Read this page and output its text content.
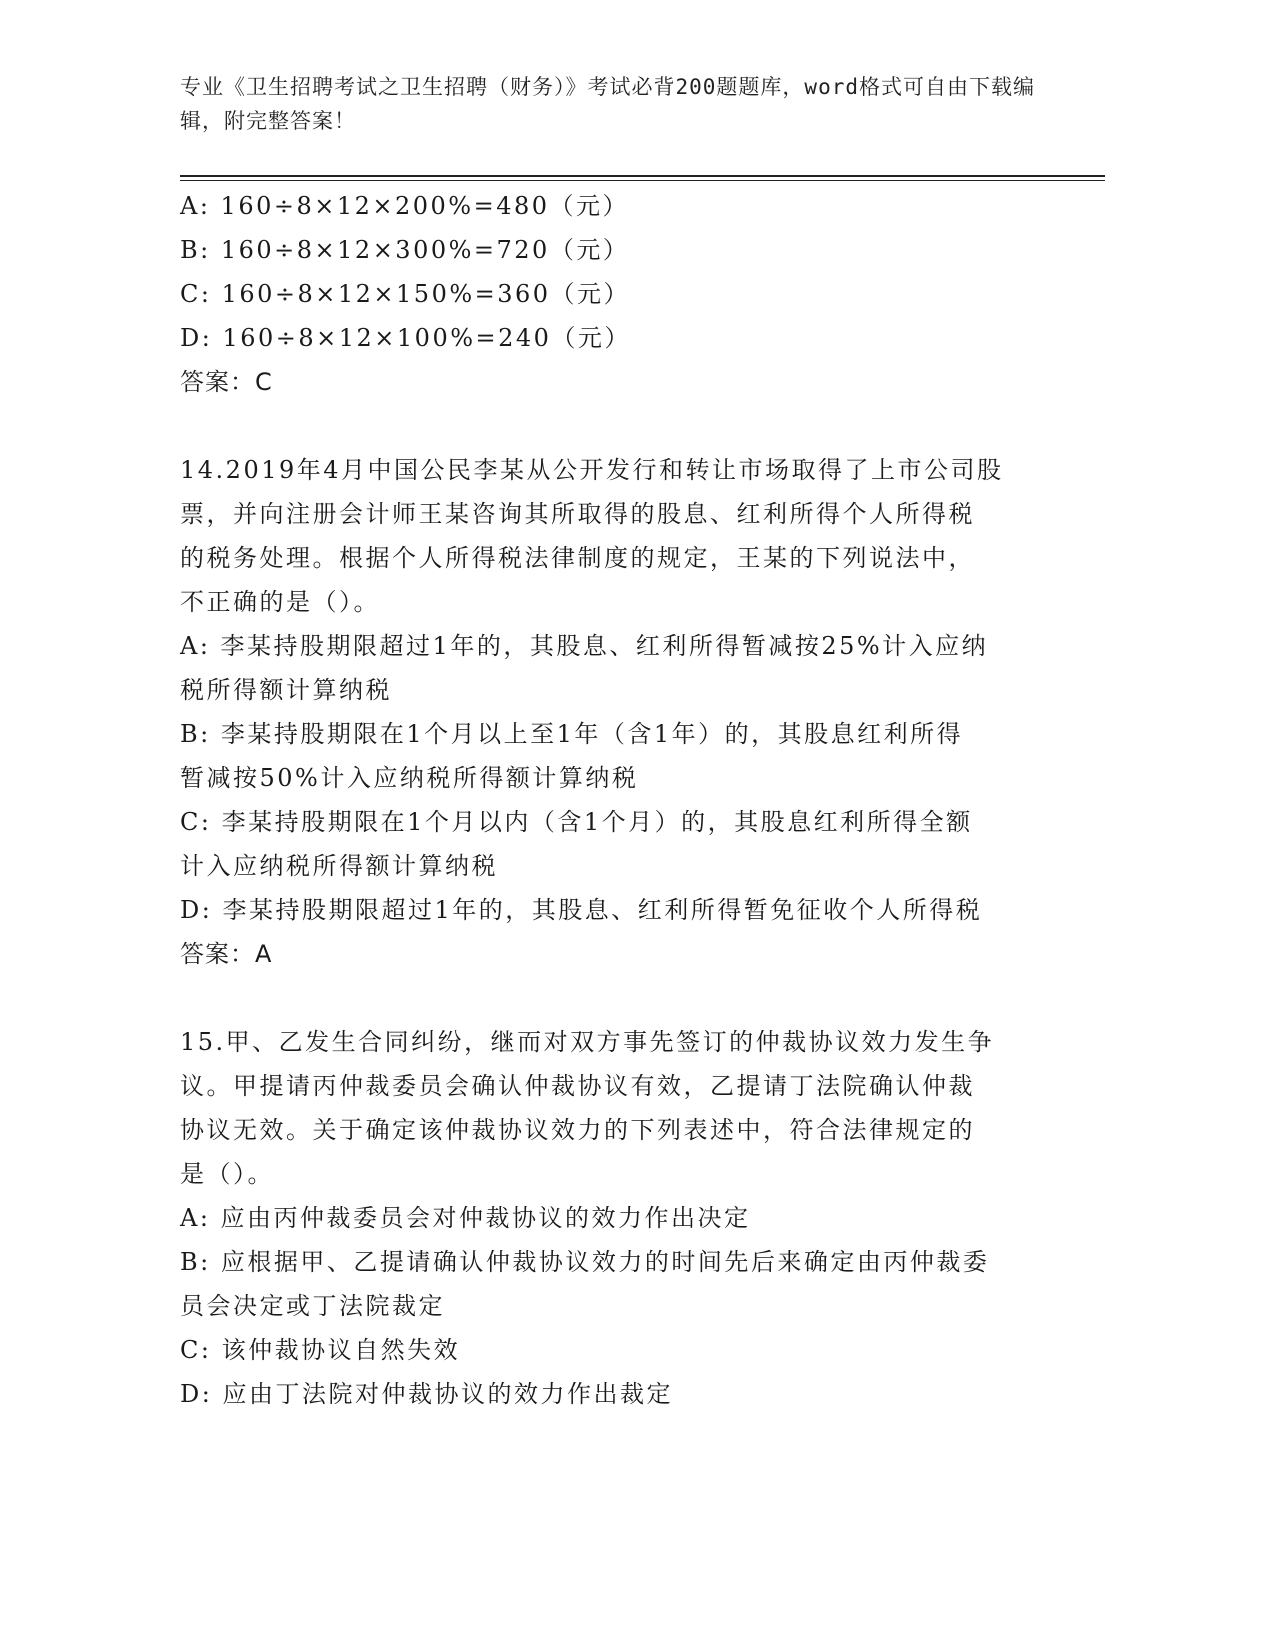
专业《卫生招聘考试之卫生招聘（财务）》考试必背200题题库，word格式可自由下载编辑，附完整答案！

A: 160÷8×12×200%=480（元）

B: 160÷8×12×300%=720（元）

C: 160÷8×12×150%=360（元）

D: 160÷8×12×100%=240（元）

答案：C

14.2019年4月中国公民李某从公开发行和转让市场取得了上市公司股

票，并向注册会计师王某咨询其所取得的股息、红利所得个人所得税

的税务处理。根据个人所得税法律制度的规定，王某的下列说法中，

不正确的是（）。

A: 李某持股期限超过1年的，其股息、红利所得暂减按25%计入应纳

税所得额计算纳税

B: 李某持股期限在1个月以上至1年（含1年）的，其股息红利所得

暂减按50%计入应纳税所得额计算纳税

C: 李某持股期限在1个月以内（含1个月）的，其股息红利所得全额

计入应纳税所得额计算纳税

D: 李某持股期限超过1年的，其股息、红利所得暂免征收个人所得税

答案：A

15.甲、乙发生合同纠纷，继而对双方事先签订的仲裁协议效力发生争

议。甲提请丙仲裁委员会确认仲裁协议有效，乙提请丁法院确认仲裁

协议无效。关于确定该仲裁协议效力的下列表述中，符合法律规定的

是（）。

A: 应由丙仲裁委员会对仲裁协议的效力作出决定

B: 应根据甲、乙提请确认仲裁协议效力的时间先后来确定由丙仲裁委

员会决定或丁法院裁定

C: 该仲裁协议自然失效

D: 应由丁法院对仲裁协议的效力作出裁定
